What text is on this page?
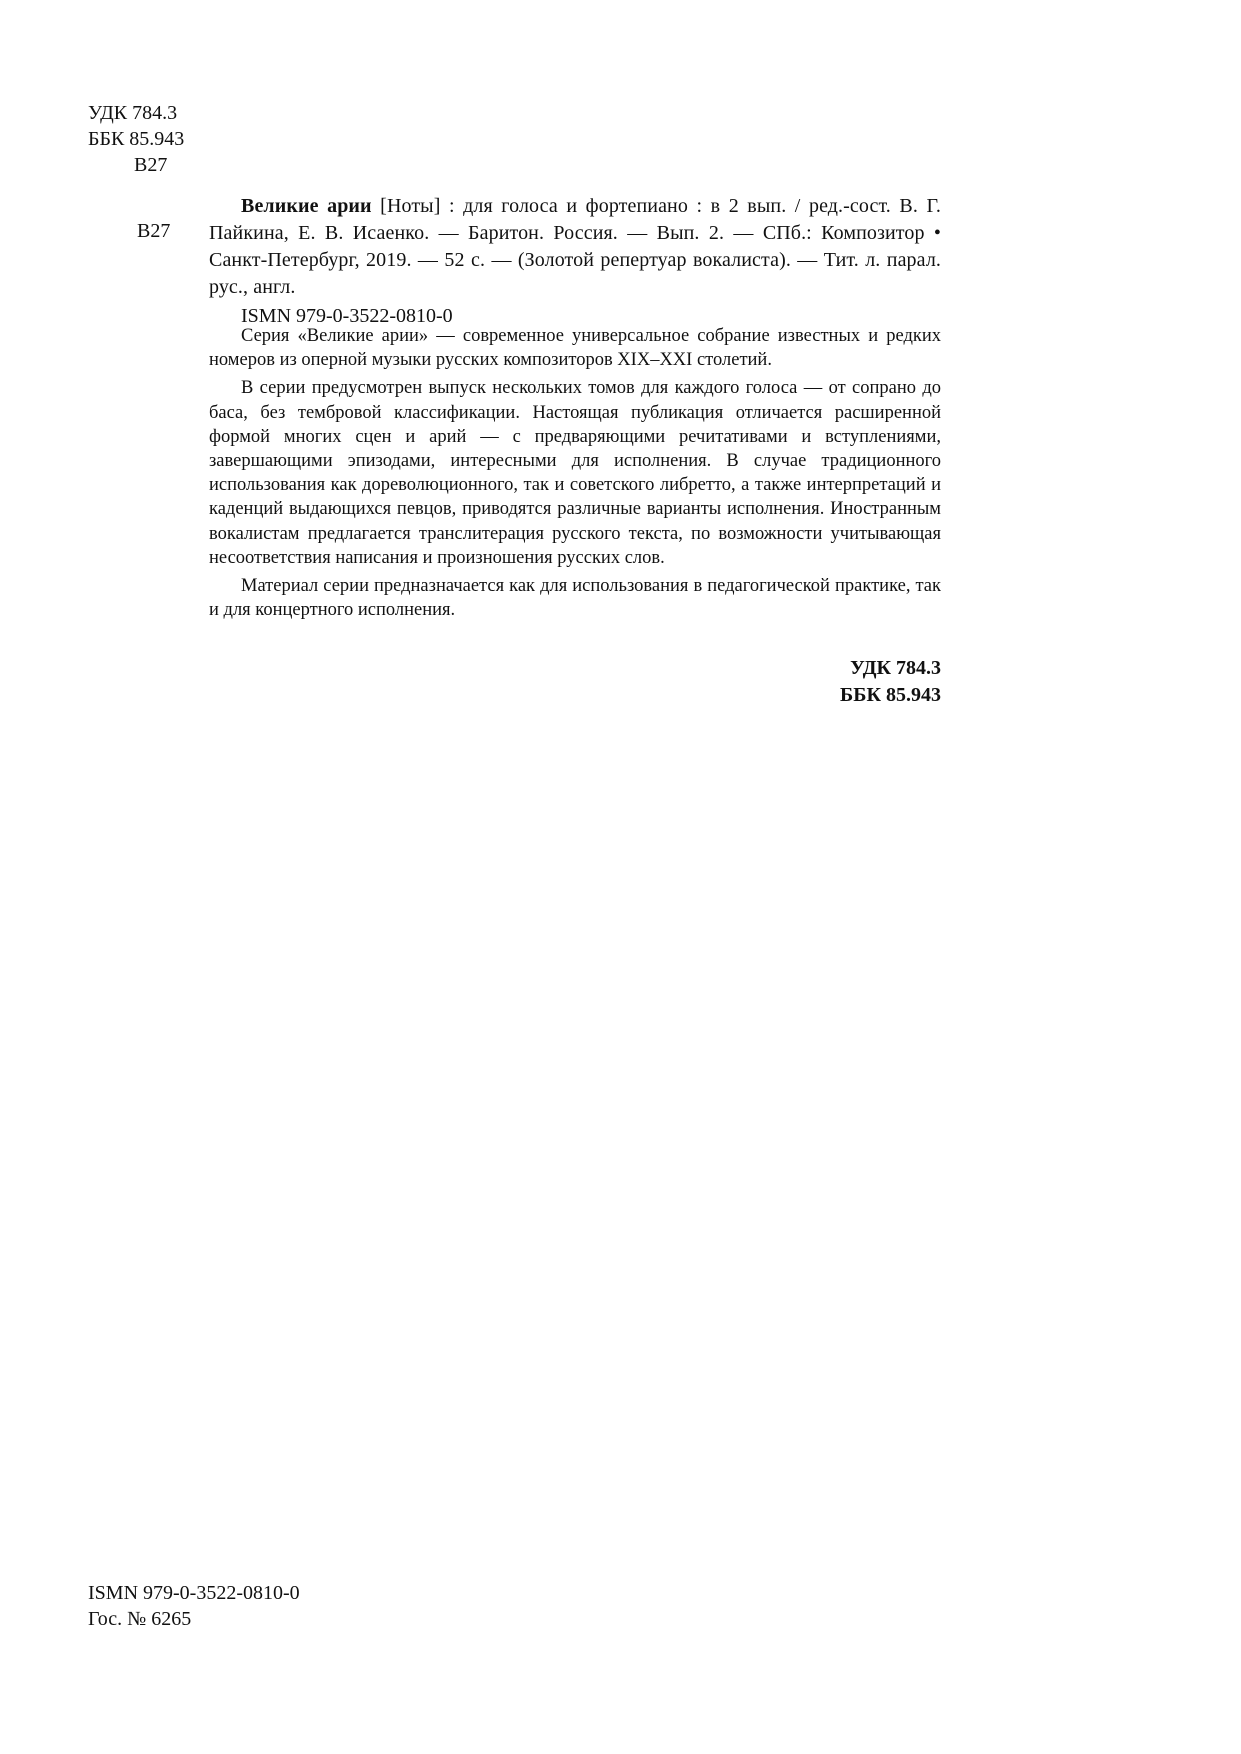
УДК 784.3
ББК 85.943
В27
В27

Великие арии [Ноты] : для голоса и фортепиано : в 2 вып. / ред.-сост. В. Г. Пайкина, Е. В. Исаенко. — Баритон. Россия. — Вып. 2. — СПб.: Композитор • Санкт-Петербург, 2019. — 52 с. — (Золотой репертуар вокалиста). — Тит. л. парал. рус., англ.

ISMN 979-0-3522-0810-0

Серия «Великие арии» — современное универсальное собрание известных и редких номеров из оперной музыки русских композиторов XIX–XXI столетий.

В серии предусмотрен выпуск нескольких томов для каждого голоса — от сопрано до баса, без тембровой классификации. Настоящая публикация отличается расширенной формой многих сцен и арий — с предваряющими речитативами и вступлениями, завершающими эпизодами, интересными для исполнения. В случае традиционного использования как дореволюционного, так и советского либретто, а также интерпретаций и каденций выдающихся певцов, приводятся различные варианты исполнения. Иностранным вокалистам предлагается транслитерация русского текста, по возможности учитывающая несоответствия написания и произношения русских слов.

Материал серии предназначается как для использования в педагогической практике, так и для концертного исполнения.

УДК 784.3
ББК 85.943
ISMN 979-0-3522-0810-0
Гос. № 6265
